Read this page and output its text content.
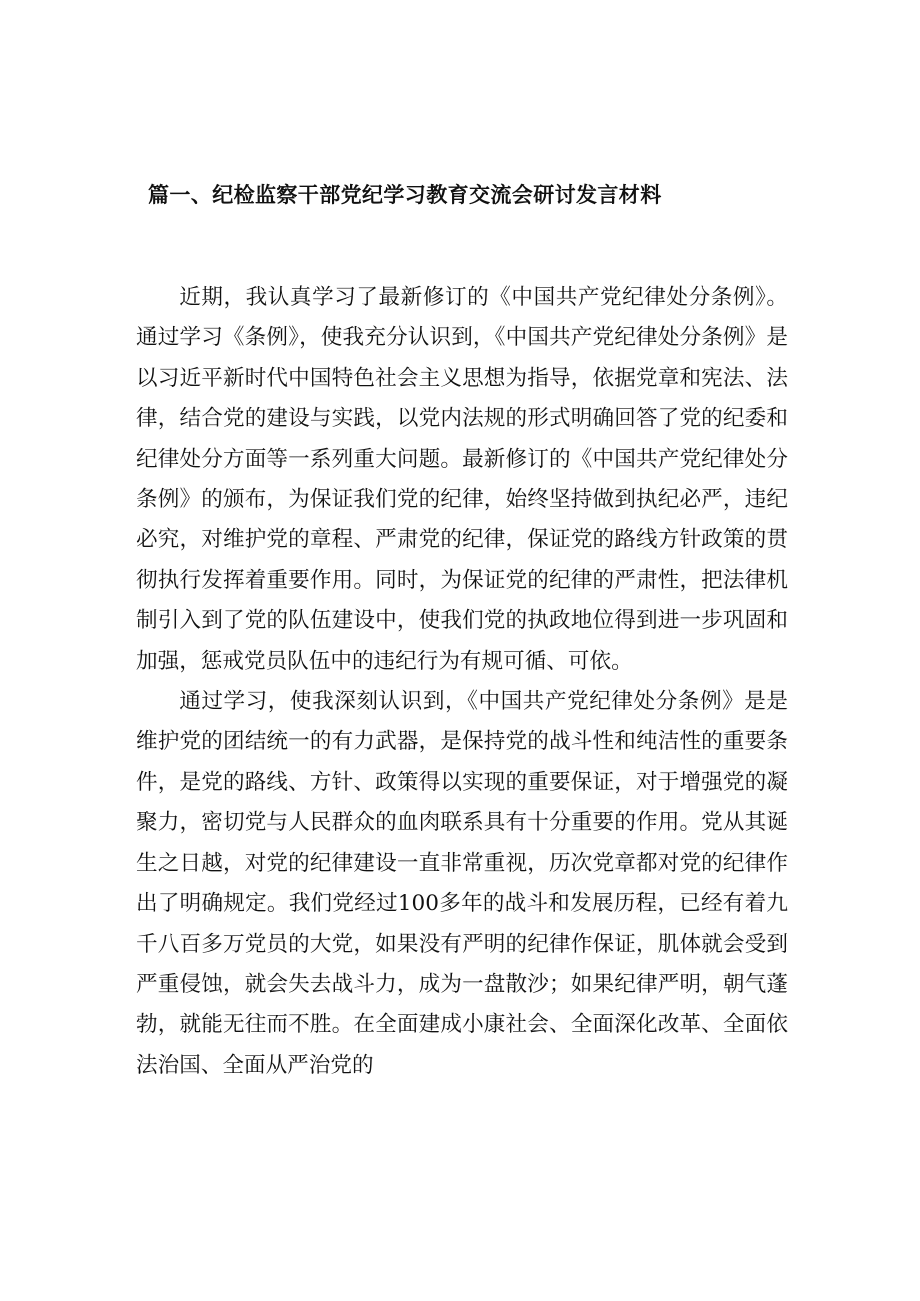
篇一、纪检监察干部党纪学习教育交流会研讨发言材料

近期，我认真学习了最新修订的《中国共产党纪律处分条例》。通过学习《条例》，使我充分认识到，《中国共产党纪律处分条例》是以习近平新时代中国特色社会主义思想为指导，依据党章和宪法、法律，结合党的建设与实践，以党内法规的形式明确回答了党的纪委和纪律处分方面等一系列重大问题。最新修订的《中国共产党纪律处分条例》的颁布，为保证我们党的纪律，始终坚持做到执纪必严，违纪必究，对维护党的章程、严肃党的纪律，保证党的路线方针政策的贯彻执行发挥着重要作用。同时，为保证党的纪律的严肃性，把法律机制引入到了党的队伍建设中，使我们党的执政地位得到进一步巩固和加强，惩戒党员队伍中的违纪行为有规可循、可依。

通过学习，使我深刻认识到，《中国共产党纪律处分条例》是是维护党的团结统一的有力武器，是保持党的战斗性和纯洁性的重要条件，是党的路线、方针、政策得以实现的重要保证，对于增强党的凝聚力，密切党与人民群众的血肉联系具有十分重要的作用。党从其诞生之日越，对党的纪律建设一直非常重视，历次党章都对党的纪律作出了明确规定。我们党经过100多年的战斗和发展历程，已经有着九千八百多万党员的大党，如果没有严明的纪律作保证，肌体就会受到严重侵蚀，就会失去战斗力，成为一盘散沙；如果纪律严明，朝气蓬勃，就能无往而不胜。在全面建成小康社会、全面深化改革、全面依法治国、全面从严治党的
